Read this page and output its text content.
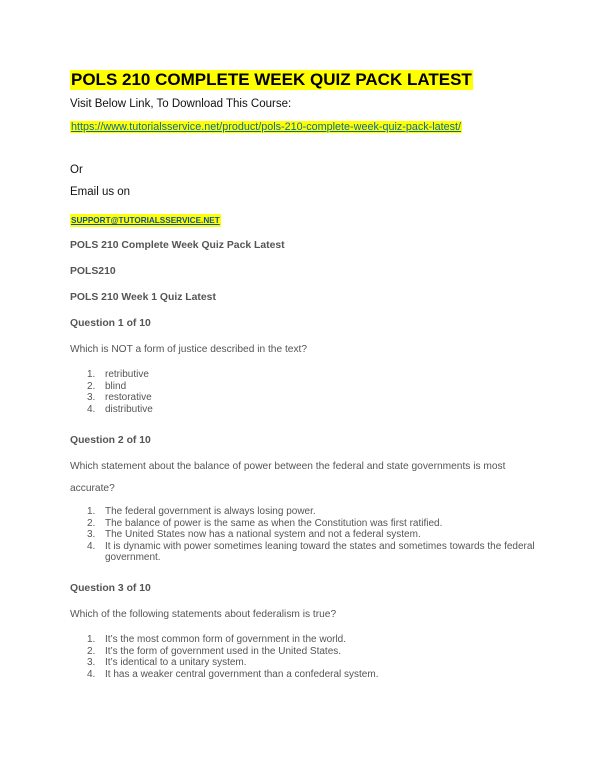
POLS 210 COMPLETE WEEK QUIZ PACK LATEST
Visit Below Link, To Download This Course:
https://www.tutorialsservice.net/product/pols-210-complete-week-quiz-pack-latest/
Or
Email us on
SUPPORT@TUTORIALSSERVICE.NET
POLS 210 Complete Week Quiz Pack Latest
POLS210
POLS 210 Week 1 Quiz Latest
Question 1 of 10
Which is NOT a form of justice described in the text?
1. retributive
2. blind
3. restorative
4. distributive
Question 2 of 10
Which statement about the balance of power between the federal and state governments is most
accurate?
1. The federal government is always losing power.
2. The balance of power is the same as when the Constitution was first ratified.
3. The United States now has a national system and not a federal system.
4. It is dynamic with power sometimes leaning toward the states and sometimes towards the federal government.
Question 3 of 10
Which of the following statements about federalism is true?
1. It’s the most common form of government in the world.
2. It’s the form of government used in the United States.
3. It’s identical to a unitary system.
4. It has a weaker central government than a confederal system.
